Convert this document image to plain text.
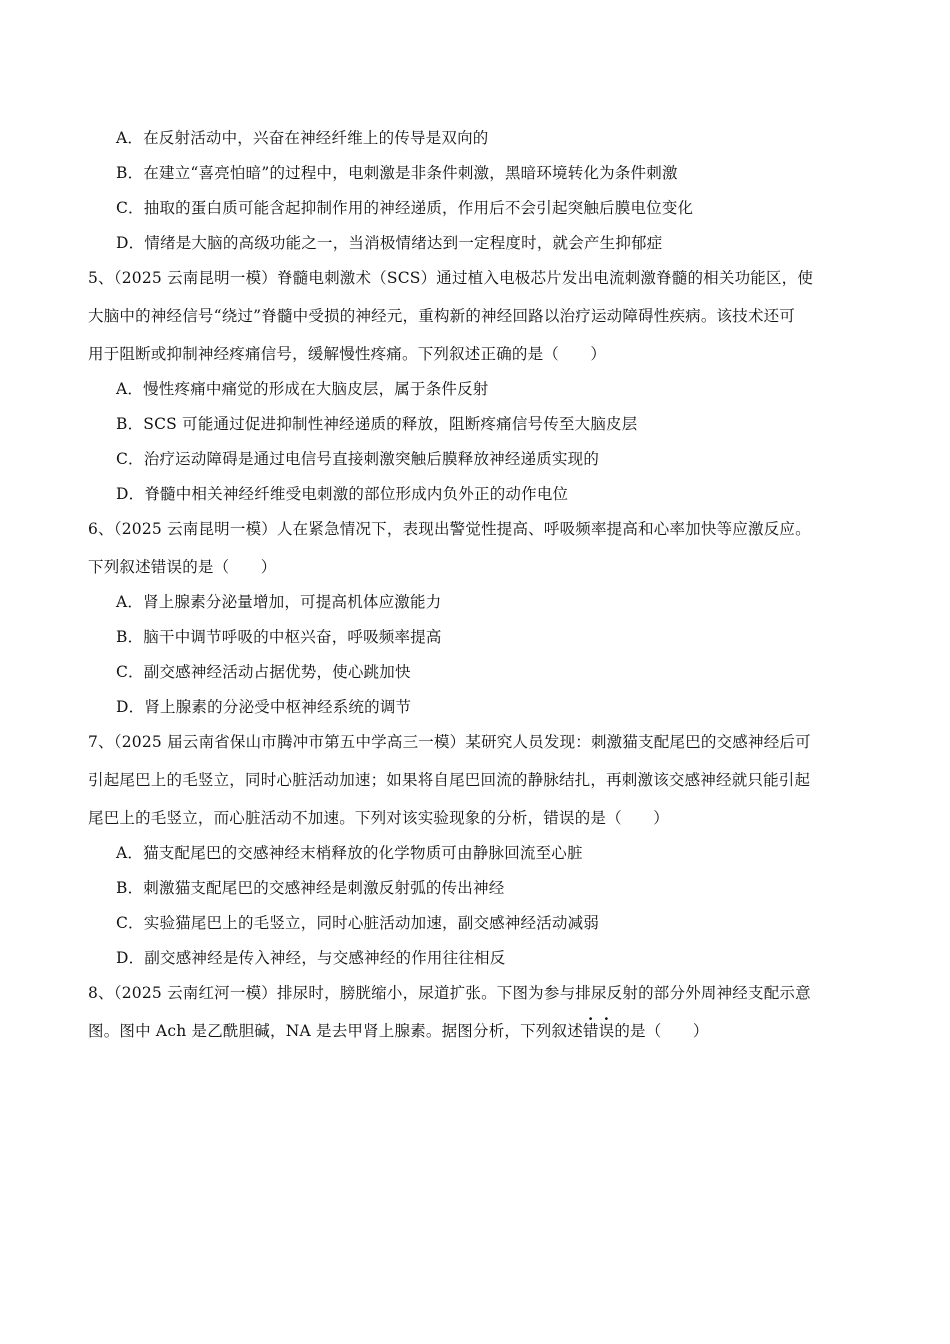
A．在反射活动中，兴奋在神经纤维上的传导是双向的
B．在建立“喜亮怕暗”的过程中，电刺激是非条件刺激，黑暗环境转化为条件刺激
C．抽取的蛋白质可能含起抑制作用的神经递质，作用后不会引起突触后膜电位变化
D．情绪是大脑的高级功能之一，当消极情绪达到一定程度时，就会产生抑郁症
5、（2025 云南昆明一模）脊髓电刺激术（SCS）通过植入电极芯片发出电流刺激脊髓的相关功能区，使
大脑中的神经信号“绕过”脊髓中受损的神经元，重构新的神经回路以治疗运动障碍性疾病。该技术还可
用于阻断或抑制神经疼痛信号，缓解慢性疼痛。下列叙述正确的是（　　）
A．慢性疼痛中痛觉的形成在大脑皮层，属于条件反射
B．SCS 可能通过促进抑制性神经递质的释放，阻断疼痛信号传至大脑皮层
C．治疗运动障碍是通过电信号直接刺激突触后膜释放神经递质实现的
D．脊髓中相关神经纤维受电刺激的部位形成内负外正的动作电位
6、（2025 云南昆明一模）人在紧急情况下，表现出警觉性提高、呼吸频率提高和心率加快等应激反应。
下列叙述错误的是（　　）
A．肾上腺素分泌量增加，可提高机体应激能力
B．脑干中调节呼吸的中枢兴奋，呼吸频率提高
C．副交感神经活动占据优势，使心跳加快
D．肾上腺素的分泌受中枢神经系统的调节
7、（2025 届云南省保山市腾冲市第五中学高三一模）某研究人员发现：刺激猫支配尾巴的交感神经后可
引起尾巴上的毛竖立，同时心脏活动加速；如果将自尾巴回流的静脉结扎，再刺激该交感神经就只能引起
尾巴上的毛竖立，而心脏活动不加速。下列对该实验现象的分析，错误的是（　　）
A．猫支配尾巴的交感神经末梢释放的化学物质可由静脉回流至心脏
B．刺激猫支配尾巴的交感神经是刺激反射弧的传出神经
C．实验猫尾巴上的毛竖立，同时心脏活动加速，副交感神经活动减弱
D．副交感神经是传入神经，与交感神经的作用往往相反
8、（2025 云南红河一模）排尿时，膀胱缩小，尿道扩张。下图为参与排尿反射的部分外周神经支配示意
图。图中 Ach 是乙酰胆碱，NA 是去甲肾上腺素。据图分析，下列叙述错误的是（　　）
